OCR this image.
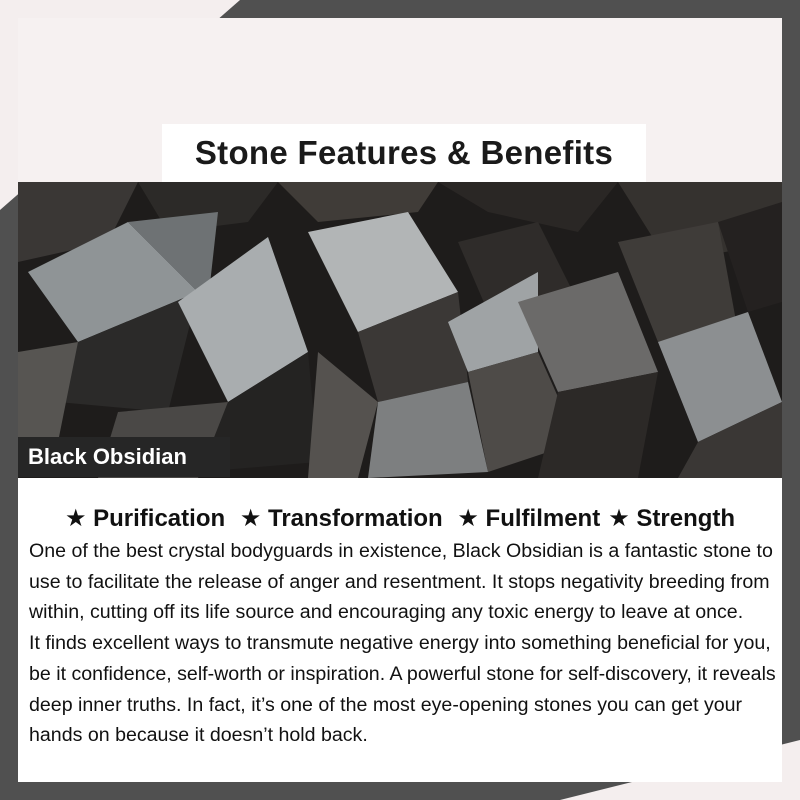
Stone Features & Benefits
Black Obsidian
★ Purification ★ Transformation ★ Fulfilment ★ Strength

One of the best crystal bodyguards in existence, Black Obsidian is a fantastic stone to use to facilitate the release of anger and resentment. It stops negativity breeding from within, cutting off its life source and encouraging any toxic energy to leave at once.

It finds excellent ways to transmute negative energy into something beneficial for you, be it confidence, self-worth or inspiration. A powerful stone for self-discovery, it reveals deep inner truths. In fact, it’s one of the most eye-opening stones you can get your hands on because it doesn’t hold back.
